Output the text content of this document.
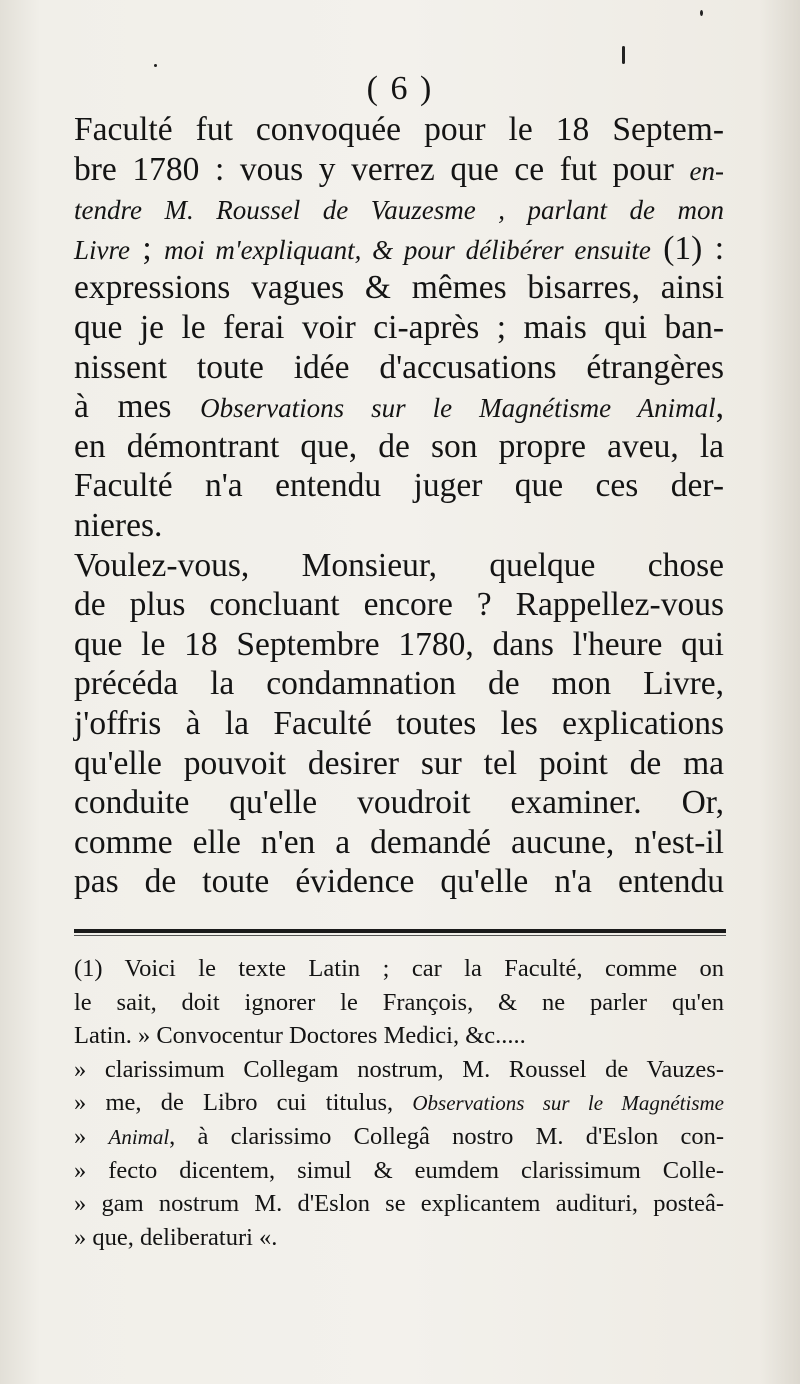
( 6 )
Faculté fut convoquée pour le 18 Septem-
bre 1780 : vous y verrez que ce fut pour en-
tendre M. Roussel de Vauzesme , parlant de mon
Livre ; moi m'expliquant, & pour délibérer ensuite (1) :
expressions vagues & mêmes bisarres, ainsi
que je le ferai voir ci-après ; mais qui ban-
nissent toute idée d'accusations étrangères
à mes Observations sur le Magnétisme Animal,
en démontrant que, de son propre aveu, la
Faculté n'a entendu juger que ces der-
nieres.
Voulez-vous, Monsieur, quelque chose
de plus concluant encore ? Rappellez-vous
que le 18 Septembre 1780, dans l'heure qui
précéda la condamnation de mon Livre,
j'offris à la Faculté toutes les explications
qu'elle pouvoit desirer sur tel point de ma
conduite qu'elle voudroit examiner. Or,
comme elle n'en a demandé aucune, n'est-il
pas de toute évidence qu'elle n'a entendu
(1) Voici le texte Latin ; car la Faculté, comme on
le sait, doit ignorer le François, & ne parler qu'en
Latin. » Convocentur Doctores Medici, &c.....
» clarissimum Collegam nostrum, M. Roussel de Vauzes-
» me, de Libro cui titulus, Observations sur le Magnétisme
» Animal, à clarissimo Collegâ nostro M. d'Eslon con-
» fecto dicentem, simul & eumdem clarissimum Colle-
» gam nostrum M. d'Eslon se explicantem audituri, posteâ-
» que, deliberaturi «.
